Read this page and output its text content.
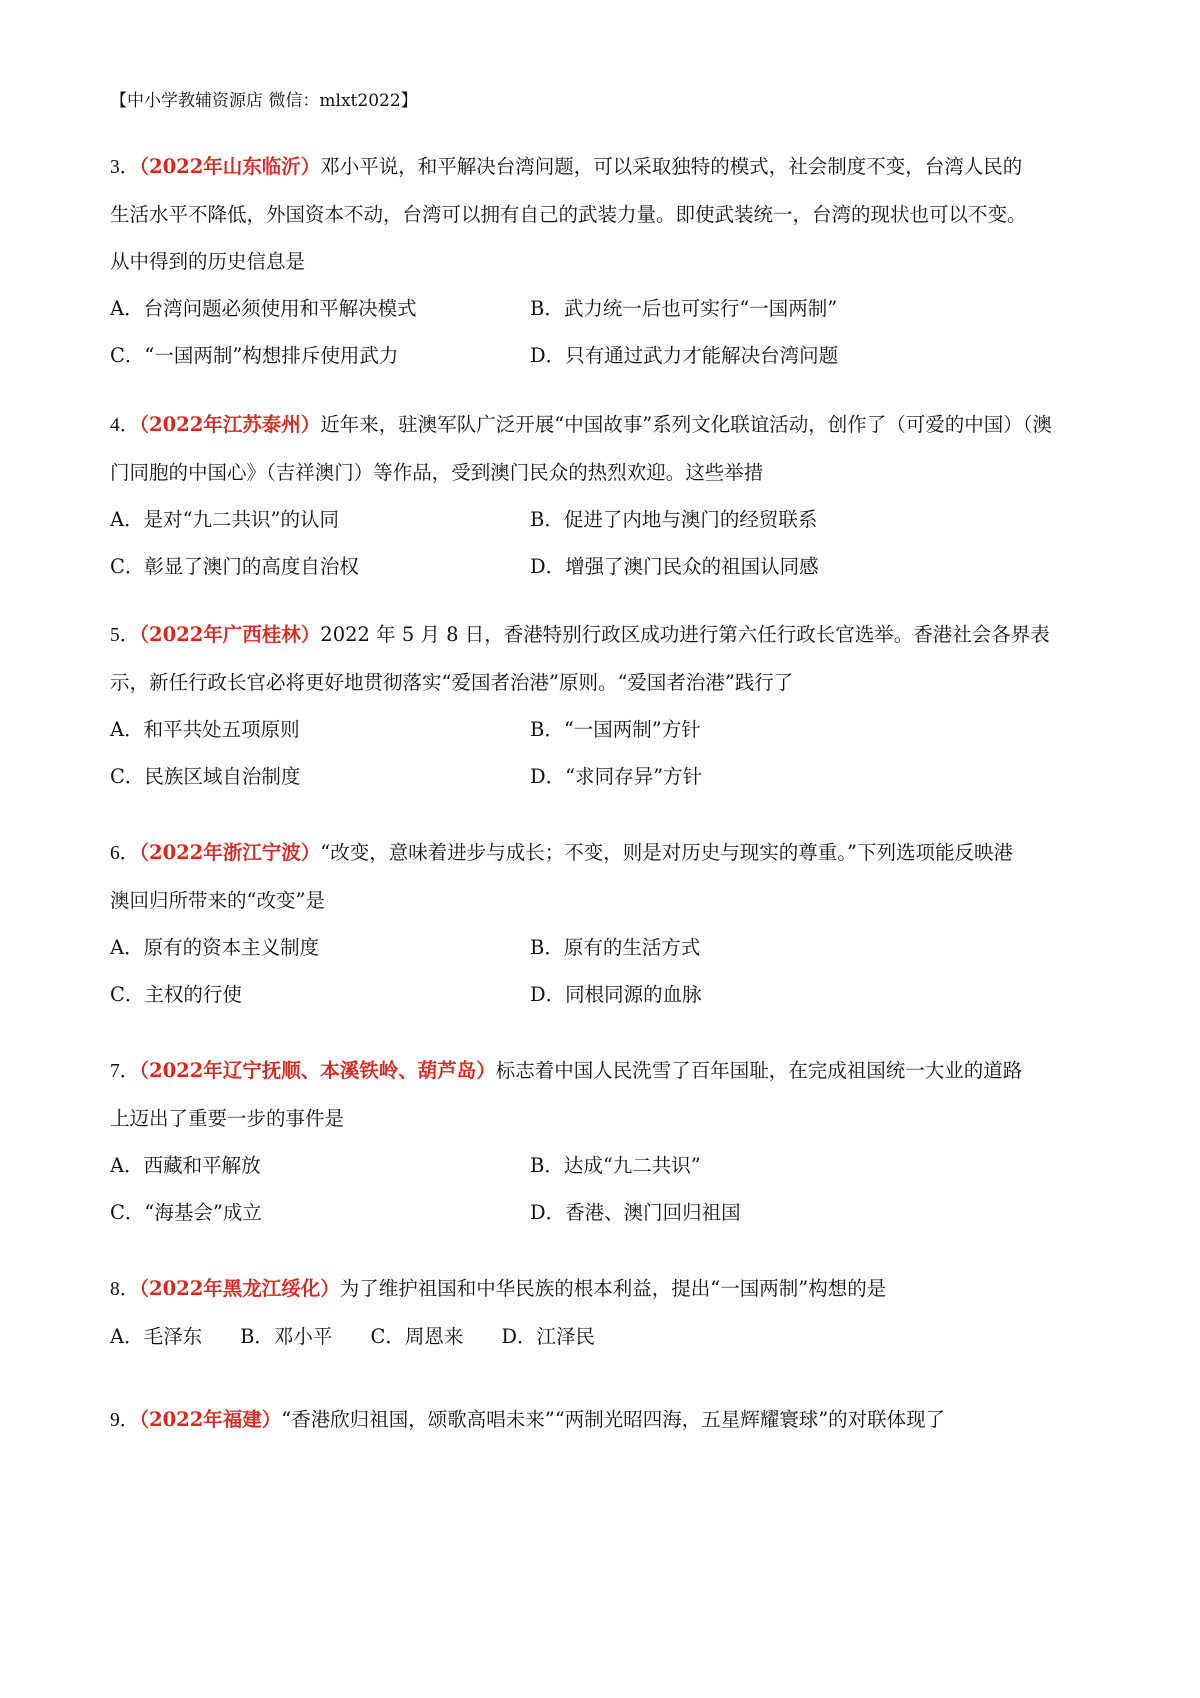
【中小学教辅资源店 微信：mlxt2022】

3．（2022年山东临沂）邓小平说，和平解决台湾问题，可以采取独特的模式，社会制度不变，台湾人民的

生活水平不降低，外国资本不动，台湾可以拥有自己的武装力量。即使武装统一，台湾的现状也可以不变。

从中得到的历史信息是

A．台湾问题必须使用和平解决模式	B．武力统一后也可实行“一国两制”
C．“一国两制”构想排斥使用武力	D．只有通过武力才能解决台湾问题

4．（2022年江苏泰州）近年来，驻澳军队广泛开展“中国故事”系列文化联谊活动，创作了（可爱的中国）（澳

门同胞的中国心》（吉祥澳门）等作品，受到澳门民众的热烈欢迎。这些举措

A．是对“九二共识”的认同	B．促进了内地与澳门的经贸联系
C．彰显了澳门的高度自治权	D．增强了澳门民众的祖国认同感

5．（2022年广西桂林）2022 年 5 月 8 日，香港特别行政区成功进行第六任行政长官选举。香港社会各界表

示，新任行政长官必将更好地贯彻落实“爱国者治港”原则。“爱国者治港”践行了

A．和平共处五项原则	B．“一国两制”方针
C．民族区域自治制度	D．“求同存异”方针

6．（2022年浙江宁波）“改变，意味着进步与成长；不变，则是对历史与现实的尊重。”下列选项能反映港

澳回归所带来的“改变”是

A．原有的资本主义制度	B．原有的生活方式
C．主权的行使	D．同根同源的血脉

7．（2022年辽宁抚顺、本溪铁岭、葫芦岛）标志着中国人民洗雪了百年国耻，在完成祖国统一大业的道路

上迈出了重要一步的事件是

A．西藏和平解放	B．达成“九二共识”
C．“海基会”成立	D．香港、澳门回归祖国

8．（2022年黑龙江绥化）为了维护祖国和中华民族的根本利益，提出“一国两制”构想的是

A．毛泽东 B．邓小平 C．周恩来 D．江泽民

9．（2022年福建）“香港欣归祖国，颂歌高唱未来”“两制光昭四海，五星辉耀寰球”的对联体现了
